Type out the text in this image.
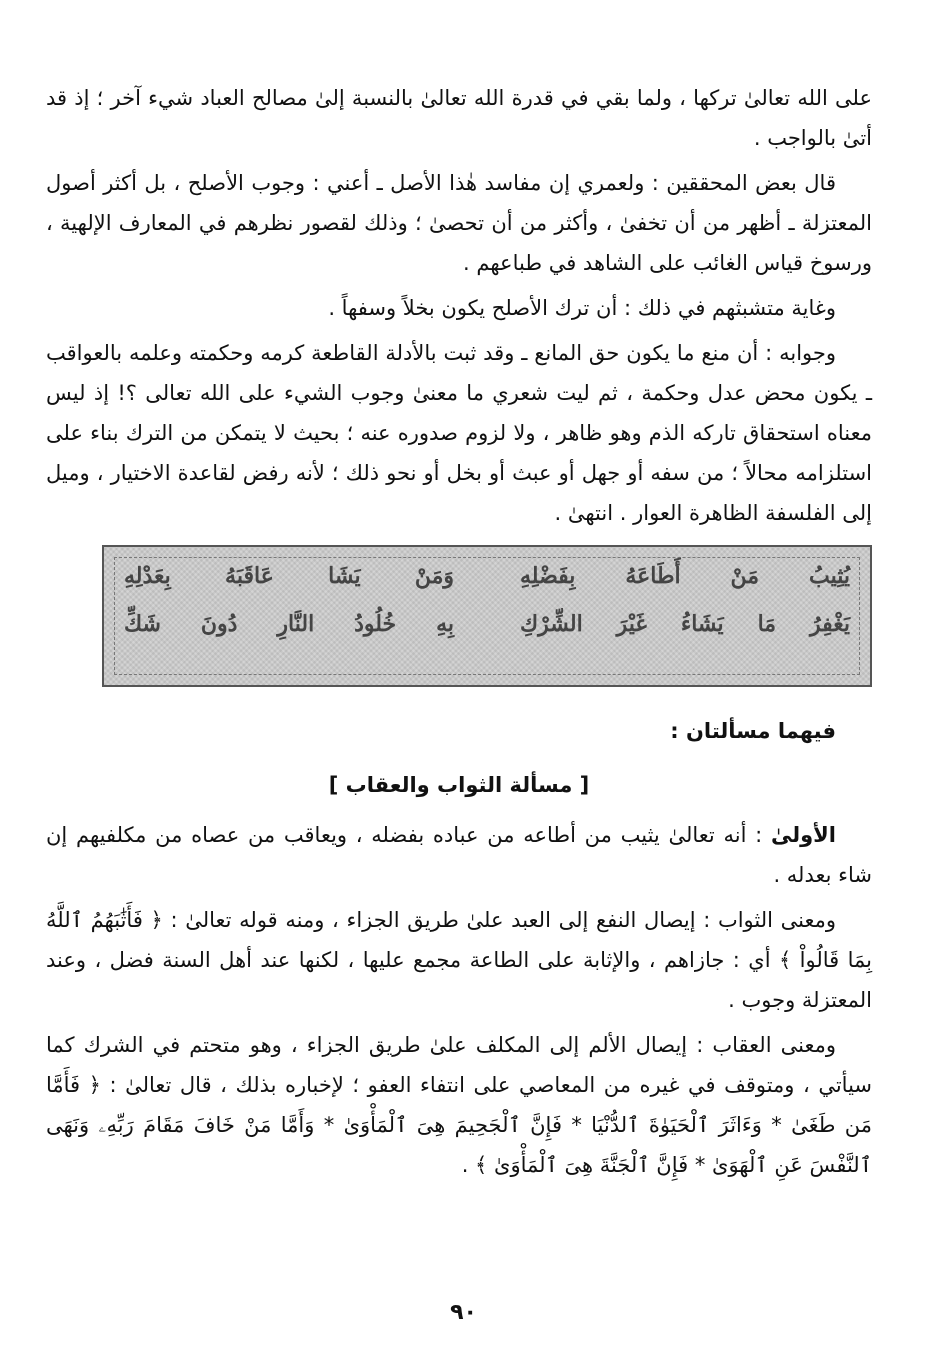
على الله تعالىٰ تركها ، ولما بقي في قدرة الله تعالىٰ بالنسبة إلىٰ مصالح العباد شيء آخر ؛ إذ قد أتىٰ بالواجب .

قال بعض المحققين : ولعمري إن مفاسد هٰذا الأصل ـ أعني : وجوب الأصلح ، بل أكثر أصول المعتزلة ـ أظهر من أن تخفىٰ ، وأكثر من أن تحصىٰ ؛ وذلك لقصور نظرهم في المعارف الإلهية ، ورسوخ قياس الغائب على الشاهد في طباعهم .

وغاية متشبثهم في ذلك : أن ترك الأصلح يكون بخلاً وسفهاً .

وجوابه : أن منع ما يكون حق المانع ـ وقد ثبت بالأدلة القاطعة كرمه وحكمته وعلمه بالعواقب ـ يكون محض عدل وحكمة ، ثم ليت شعري ما معنىٰ وجوب الشيء على الله تعالى ؟! إذ ليس معناه استحقاق تاركه الذم وهو ظاهر ، ولا لزوم صدوره عنه ؛ بحيث لا يتمكن من الترك بناء على استلزامه محالاً ؛ من سفه أو جهل أو عبث أو بخل أو نحو ذلك ؛ لأنه رفض لقاعدة الاختيار ، وميل إلى الفلسفة الظاهرة العوار . انتهىٰ .

يُثِيبُ مَنْ أَطَاعَهُ بِفَضْلِهِ
وَمَنْ يَشَا عَاقَبَهُ بِعَدْلِهِ
يَغْفِرُ مَا يَشَاءُ غَيْرَ الشِّرْكِ
بِهِ خُلُودُ النَّارِ دُونَ شَكِّ
فيهما مسألتان :
[ مسألة الثواب والعقاب ]

الأولىٰ : أنه تعالىٰ يثيب من أطاعه من عباده بفضله ، ويعاقب من عصاه من مكلفيهم إن شاء بعدله .

ومعنى الثواب : إيصال النفع إلى العبد علىٰ طريق الجزاء ، ومنه قوله تعالىٰ : ﴿ فَأَثَٰبَهُمُ ٱللَّهُ بِمَا قَالُواْ ﴾ أي : جازاهم ، والإثابة على الطاعة مجمع عليها ، لكنها عند أهل السنة فضل ، وعند المعتزلة وجوب .

ومعنى العقاب : إيصال الألم إلى المكلف علىٰ طريق الجزاء ، وهو متحتم في الشرك كما سيأتي ، ومتوقف في غيره من المعاصي على انتفاء العفو ؛ لإخباره بذلك ، قال تعالىٰ : ﴿ فَأَمَّا مَن طَغَىٰ * وَءَاثَرَ ٱلْحَيَوٰةَ ٱلدُّنْيَا * فَإِنَّ ٱلْجَحِيمَ هِىَ ٱلْمَأْوَىٰ * وَأَمَّا مَنْ خَافَ مَقَامَ رَبِّهِۦ وَنَهَى ٱلنَّفْسَ عَنِ ٱلْهَوَىٰ * فَإِنَّ ٱلْجَنَّةَ هِىَ ٱلْمَأْوَىٰ ﴾ .

٩٠
